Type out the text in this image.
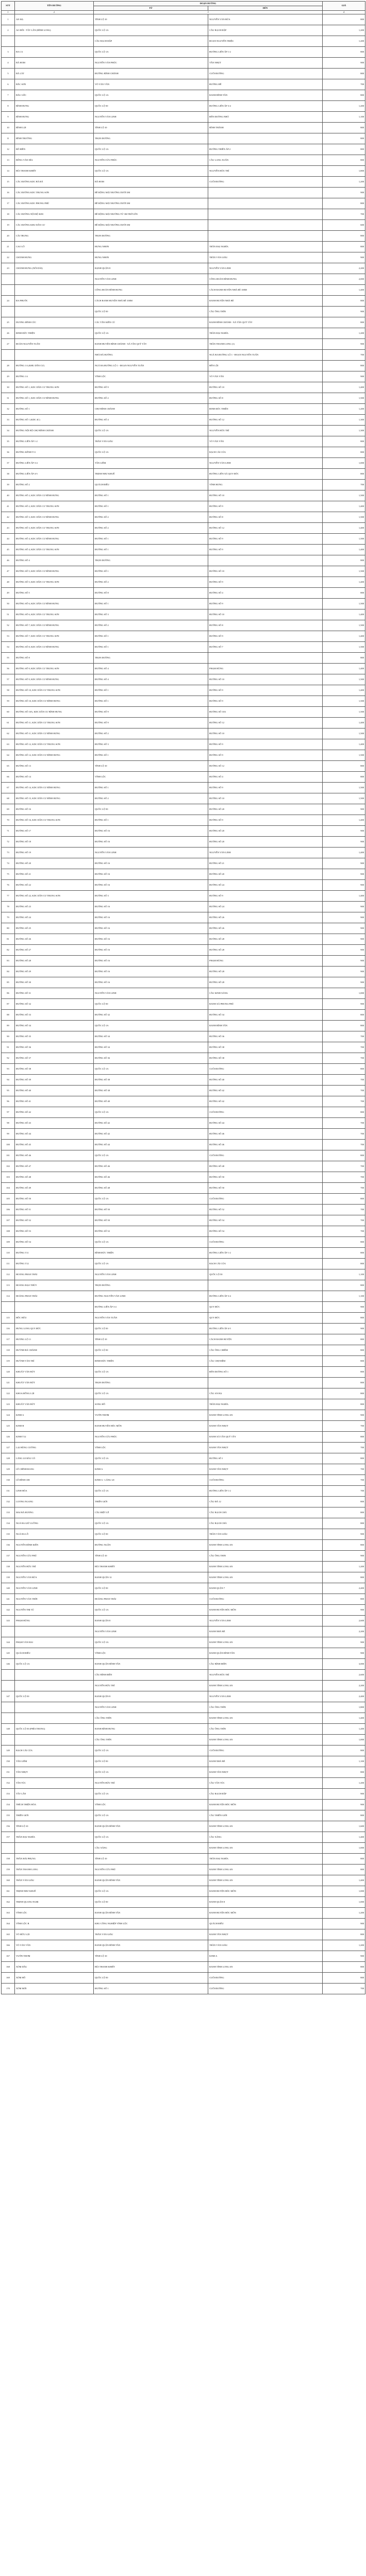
STT	TÊN ĐƯỜNG	ĐOẠN ĐƯỜNG		GIÁ
		TỪ	ĐẾN	
1	2	3		4
1	AN HẠ	TỈNH LỘ 10	NGUYỄN VĂN BỨA	800
2	AO ĐÔI - TÂY LÂN (BÌNH LONG)	QUỐC LỘ 1A	CẦU RẠCH ĐẬP	1,200
		CẦU RẠCH ĐẬP	ĐOẠN NGUYỄN TRIỆU	1,200
3	BA CA	QUỐC LỘ 1A	ĐƯỜNG LIÊN ẤP 1-2	800
4	BÀ HOM	NGUYỄN VĂN PHÚC	TÂN NHỰT	900
5	BÀ LÁT	ĐƯỜNG BÌNH CHÁNH	CUỐI ĐƯỜNG	800
6	BẮC SƠN	VÕ VĂN VÂN	ĐƯỜNG ĐÊ	700
7	BÀU GỐC	QUỐC LỘ 1A	RANH BÌNH TÂN	800
8	BÌNH HƯNG	QUỐC LỘ 50	ĐƯỜNG LIÊN ẤP 3-4	1,200
9	BÌNH HƯNG	NGUYỄN VĂN LINH	ĐẾN ĐƯỜNG NHỎ	1,100
10	BÌNH LỢI	TỈNH LỘ 10	BÌNH THÀNH	800
11	BÌNH TRƯỜNG	TRỌN ĐƯỜNG		800
12	BÔ HIỀN	QUỐC LỘ 1A	ĐƯỜNG THIÊN ẤP 2	800
13	BÔNG VĂN DĨA	NGUYỄN CỬU PHÚC	CẦU LANG XUẨN	800
14	BÙI THANH KHIẾT	QUỐC LỘ 1A	NGUYỄN HỮU TRÍ	1,800
15	CÁC ĐƯỜNG KDC BÀ ĐÁ	BÀ HOM	CUỐI ĐƯỜNG	1,200
16	CÁC ĐƯỜNG KDC TRUNG SƠN	BỀ RỘNG MẶT ĐƯỜNG DƯỚI 3M		900
17	CÁC ĐƯỜNG KDC PHONG PHÚ	BỀ RỘNG MẶT ĐƯỜNG DƯỚI 3M		800
18	CÁC ĐƯỜNG NỘI BỘ KDC	BỀ RỘNG MẶT ĐƯỜNG TỪ 3M TRỞ LÊN		700
19	CÁC ĐƯỜNG KHU DÂN CƯ	BỀ RỘNG MẶT ĐƯỜNG DƯỚI 3M		600
20	CÁI TRUNG	TRỌN ĐƯỜNG		800
21	CAO LỖ	HƯNG NHƠN	TRẦN ĐẠI NGHĨA	800
22	CHÁNH HƯNG	HƯNG NHƠN	TRẦN VĂN GIÀU	900
23	CHÁNH HƯNG (NỐI DÀI)	RẠNH QUẬN 8	NGUYỄN VĂN LINH	2,200
		NGUYỄN VĂN LINH	CÔNG ĐOÀN BÌNH HƯNG	2,000
		CÔNG ĐOÀN BÌNH HƯNG	CÁCH RANH HUYỆN NHÀ BÈ 100M	1,400
24	ĐA PHƯỚC	CÁCH RANH HUYỆN NHÀ BÈ 100M	RANH HUYỆN NHÀ BÈ	800
		QUỐC LỘ 50	CẦU ÔNG THÌN	900
25	DƯƠNG ĐÌNH CÚC	CÁC TÂN KIÊN CŨ	RANH BÌNH CHÁNH - XÃ TÂN QUÝ TÂY	800
26	ĐINH ĐỨC THIỆN	QUỐC LỘ 1A	TRẦN ĐẠI NGHĨA	1,200
27	ĐOÀN NGUYỄN TUẤN	RANH HUYỆN BÌNH CHÁNH - XÃ TÂN QUÝ TÂY	TRẦN THANH LONG (1)	900
		NHÀ BÀ HƯỜNG	NGÃ BA ĐƯỜNG LỘ 1 - ĐOẠN NGUYỄN TUẤN	700
28	ĐƯỜNG 1A (KHU DÂN CƯ)	NGÃ BA ĐƯỜNG LỘ 1 - ĐOẠN NGUYỄN TUẤN	BẾN LỘI	800
29	ĐƯỜNG 1A	VĨNH LỘC	VÕ VĂN VÂN	900
30	ĐƯỜNG SỐ 1, KDC DÂN CƯ TRUNG SƠN	ĐƯỜNG SỐ 9	ĐƯỜNG SỐ 10	1,400
31	ĐƯỜNG SỐ 1, KDC DÂN CƯ BÌNH HƯNG	ĐƯỜNG SỐ 2	ĐƯỜNG SỐ 8	1,500
32	ĐƯỜNG SỐ 1	CHỢ BÌNH CHÁNH	ĐINH ĐỨC THIỆN	1,200
33	ĐƯỜNG SỐ 1 (KDC 4C)	ĐƯỜNG SỐ 4	ĐƯỜNG SỐ 12	1,300
34	ĐƯỜNG NỘI BỘ CHỢ BÌNH CHÁNH	QUỐC LỘ 1A	NGUYỄN HỮU TRÍ	1,300
35	ĐƯỜNG LIÊN ẤP 1-2	TRẦN VĂN GIÀU	VÕ VĂN VÂN	800
36	ĐƯỜNG KÊNH T11	QUỐC LỘ 1A	RẠCH CÁI CÚA	800
37	ĐƯỜNG LIÊN ẤP 3-4	TÂN LIÊM	NGUYỄN VĂN LINH	1,000
38	ĐƯỜNG LIÊN ẤP 4-5	TRỊNH NHƯ KHUÊ	ĐƯỜNG LIÊN XÃ QUY ĐỨC	800
39	ĐƯỜNG SỐ 2	QUÁCH ĐIÊU	VĨNH HƯNG	700
40	ĐƯỜNG SỐ 2, KDC DÂN CƯ BÌNH HƯNG	ĐƯỜNG SỐ 1	ĐƯỜNG SỐ 10	1,500
41	ĐƯỜNG SỐ 2, KDC DÂN CƯ TRUNG SƠN	ĐƯỜNG SỐ 1	ĐƯỜNG SỐ 9	1,400
42	ĐƯỜNG SỐ 3, KDC DÂN CƯ BÌNH HƯNG	ĐƯỜNG SỐ 2	ĐƯỜNG SỐ 8	1,500
43	ĐƯỜNG SỐ 3, KDC DÂN CƯ TRUNG SƠN	ĐƯỜNG SỐ 2	ĐƯỜNG SỐ 12	1,400
44	ĐƯỜNG SỐ 4, KDC DÂN CƯ BÌNH HƯNG	ĐƯỜNG SỐ 1	ĐƯỜNG SỐ 9	1,500
45	ĐƯỜNG SỐ 4, KDC DÂN CƯ TRUNG SƠN	ĐƯỜNG SỐ 1	ĐƯỜNG SỐ 9	1,400
46	ĐƯỜNG SỐ 4	TRỌN ĐƯỜNG		800
47	ĐƯỜNG SỐ 5, KDC DÂN CƯ BÌNH HƯNG	ĐƯỜNG SỐ 1	ĐƯỜNG SỐ 10	1,500
48	ĐƯỜNG SỐ 5, KDC DÂN CƯ TRUNG SƠN	ĐƯỜNG SỐ 2	ĐƯỜNG SỐ 9	1,400
49	ĐƯỜNG SỐ 5	ĐƯỜNG SỐ 8	ĐƯỜNG SỐ 4	800
50	ĐƯỜNG SỐ 6, KDC DÂN CƯ BÌNH HƯNG	ĐƯỜNG SỐ 1	ĐƯỜNG SỐ 9	1,500
51	ĐƯỜNG SỐ 6, KDC DÂN CƯ TRUNG SƠN	ĐƯỜNG SỐ 3	ĐƯỜNG SỐ 10	1,400
52	ĐƯỜNG SỐ 7, KDC DÂN CƯ BÌNH HƯNG	ĐƯỜNG SỐ 2	ĐƯỜNG SỐ 8	1,500
53	ĐƯỜNG SỐ 7, KDC DÂN CƯ TRUNG SƠN	ĐƯỜNG SỐ 1	ĐƯỜNG SỐ 9	1,400
54	ĐƯỜNG SỐ 8, KDC DÂN CƯ BÌNH HƯNG	ĐƯỜNG SỐ 1	ĐƯỜNG SỐ 7	1,500
55	ĐƯỜNG SỐ 8	TRỌN ĐƯỜNG		800
56	ĐƯỜNG SỐ 9, KDC DÂN CƯ TRUNG SƠN	ĐƯỜNG SỐ 4	PHẠM HÙNG	1,400
57	ĐƯỜNG SỐ 9, KDC DÂN CƯ BÌNH HƯNG	ĐƯỜNG SỐ 4	ĐƯỜNG SỐ 10	1,500
58	ĐƯỜNG SỐ 10, KDC DÂN CƯ TRUNG SƠN	ĐƯỜNG SỐ 1	ĐƯỜNG SỐ 9	1,400
59	ĐƯỜNG SỐ 10, KDC DÂN CƯ BÌNH HƯNG	ĐƯỜNG SỐ 1	ĐƯỜNG SỐ 9	1,500
60	ĐƯỜNG SỐ 10A, KDC DÂN CƯ BÌNH HƯNG	ĐƯỜNG SỐ 9	ĐƯỜNG SỐ 10A	1,500
61	ĐƯỜNG SỐ 11, KDC DÂN CƯ TRUNG SƠN	ĐƯỜNG SỐ 9	ĐƯỜNG SỐ 12	1,400
62	ĐƯỜNG SỐ 11, KDC DÂN CƯ BÌNH HƯNG	ĐƯỜNG SỐ 2	ĐƯỜNG SỐ 10	1,500
63	ĐƯỜNG SỐ 12, KDC DÂN CƯ TRUNG SƠN	ĐƯỜNG SỐ 3	ĐƯỜNG SỐ 9	1,400
64	ĐƯỜNG SỐ 12, KDC DÂN CƯ BÌNH HƯNG	ĐƯỜNG SỐ 1	ĐƯỜNG SỐ 9	1,500
65	ĐƯỜNG SỐ 13	TỈNH LỘ 10	ĐƯỜNG SỐ 12	800
66	ĐƯỜNG SỐ 14	VĨNH LỘC	ĐƯỜNG SỐ 4	800
67	ĐƯỜNG SỐ 14, KDC DÂN CƯ BÌNH HƯNG	ĐƯỜNG SỐ 1	ĐƯỜNG SỐ 9	1,500
68	ĐƯỜNG SỐ 15, KDC DÂN CƯ BÌNH HƯNG	ĐƯỜNG SỐ 2	ĐƯỜNG SỐ 10	1,500
69	ĐƯỜNG SỐ 16	QUỐC LỘ 50	ĐƯỜNG SỐ 20	900
70	ĐƯỜNG SỐ 16, KDC DÂN CƯ TRUNG SƠN	ĐƯỜNG SỐ 1	ĐƯỜNG SỐ 9	1,400
71	ĐƯỜNG SỐ 17	ĐƯỜNG SỐ 16	ĐƯỜNG SỐ 20	900
72	ĐƯỜNG SỐ 18	ĐƯỜNG SỐ 16	ĐƯỜNG SỐ 20	900
73	ĐƯỜNG SỐ 19	NGUYỄN VĂN LINH	NGUYỄN VĂN LINH	1,400
74	ĐƯỜNG SỐ 20	ĐƯỜNG SỐ 16	ĐƯỜNG SỐ 21	900
75	ĐƯỜNG SỐ 21	ĐƯỜNG SỐ 16	ĐƯỜNG SỐ 20	900
76	ĐƯỜNG SỐ 22	ĐƯỜNG SỐ 16	ĐƯỜNG SỐ 24	900
77	ĐƯỜNG SỐ 22, KDC DÂN CƯ TRUNG SƠN	ĐƯỜNG SỐ 3	ĐƯỜNG SỐ 9	1,400
78	ĐƯỜNG SỐ 23	ĐƯỜNG SỐ 16	ĐƯỜNG SỐ 24	900
79	ĐƯỜNG SỐ 24	ĐƯỜNG SỐ 16	ĐƯỜNG SỐ 26	900
80	ĐƯỜNG SỐ 25	ĐƯỜNG SỐ 16	ĐƯỜNG SỐ 26	900
81	ĐƯỜNG SỐ 26	ĐƯỜNG SỐ 16	ĐƯỜNG SỐ 28	900
82	ĐƯỜNG SỐ 27	ĐƯỜNG SỐ 16	ĐƯỜNG SỐ 28	900
83	ĐƯỜNG SỐ 28	ĐƯỜNG SỐ 16	PHẠM HÙNG	900
84	ĐƯỜNG SỐ 29	ĐƯỜNG SỐ 16	ĐƯỜNG SỐ 28	900
85	ĐƯỜNG SỐ 30	ĐƯỜNG SỐ 16	ĐƯỜNG SỐ 28	900
86	ĐƯỜNG SỐ 31	NGUYỄN VĂN LINH	CẦU KINH XÁNG	1,000
87	ĐƯỜNG SỐ 32	QUỐC LỘ 50	RANH XÃ PHONG PHÚ	900
88	ĐƯỜNG SỐ 33	ĐƯỜNG SỐ 32	ĐƯỜNG SỐ 34	800
89	ĐƯỜNG SỐ 34	QUỐC LỘ 1A	RANH BÌNH TÂN	800
90	ĐƯỜNG SỐ 35	ĐƯỜNG SỐ 34	ĐƯỜNG SỐ 36	700
91	ĐƯỜNG SỐ 36	ĐƯỜNG SỐ 34	ĐƯỜNG SỐ 38	700
92	ĐƯỜNG SỐ 37	ĐƯỜNG SỐ 36	ĐƯỜNG SỐ 38	700
93	ĐƯỜNG SỐ 38	QUỐC LỘ 1A	CUỐI ĐƯỜNG	800
94	ĐƯỜNG SỐ 39	ĐƯỜNG SỐ 38	ĐƯỜNG SỐ 40	700
95	ĐƯỜNG SỐ 40	ĐƯỜNG SỐ 38	ĐƯỜNG SỐ 42	700
96	ĐƯỜNG SỐ 41	ĐƯỜNG SỐ 40	ĐƯỜNG SỐ 42	700
97	ĐƯỜNG SỐ 42	QUỐC LỘ 1A	CUỐI ĐƯỜNG	800
98	ĐƯỜNG SỐ 43	ĐƯỜNG SỐ 42	ĐƯỜNG SỐ 44	700
99	ĐƯỜNG SỐ 44	ĐƯỜNG SỐ 42	ĐƯỜNG SỐ 46	700
100	ĐƯỜNG SỐ 45	ĐƯỜNG SỐ 44	ĐƯỜNG SỐ 46	700
101	ĐƯỜNG SỐ 46	QUỐC LỘ 1A	CUỐI ĐƯỜNG	800
102	ĐƯỜNG SỐ 47	ĐƯỜNG SỐ 46	ĐƯỜNG SỐ 48	700
103	ĐƯỜNG SỐ 48	ĐƯỜNG SỐ 46	ĐƯỜNG SỐ 50	700
104	ĐƯỜNG SỐ 49	ĐƯỜNG SỐ 48	ĐƯỜNG SỐ 50	700
105	ĐƯỜNG SỐ 50	QUỐC LỘ 1A	CUỐI ĐƯỜNG	800
106	ĐƯỜNG SỐ 51	ĐƯỜNG SỐ 50	ĐƯỜNG SỐ 52	700
107	ĐƯỜNG SỐ 52	ĐƯỜNG SỐ 50	ĐƯỜNG SỐ 54	700
108	ĐƯỜNG SỐ 53	ĐƯỜNG SỐ 52	ĐƯỜNG SỐ 54	700
109	ĐƯỜNG SỐ 54	QUỐC LỘ 1A	CUỐI ĐƯỜNG	800
110	ĐƯỜNG T11	BÌNH ĐỨC THIỆN	ĐƯỜNG LIÊN ẤP 1-2	800
111	ĐƯỜNG T12	QUỐC LỘ 1A	RẠCH CÁI CÚA	800
112	HOÀNG PHAN THÁI	NGUYỄN VĂN LINH	QUỐC LỘ 50	1,100
113	HOÀNG ĐẠO THÚY	TRỌN ĐƯỜNG		800
114	HOÀNG PHAN THÁI	ĐƯỜNG NGUYỄN VĂN LINH	ĐƯỜNG LIÊN ẤP 3-4	1,100
		ĐƯỜNG LIÊN ẤP 3-4	QUY ĐỨC	900
115	HỐC HỮU	NGUYỄN VĂN TUẦN	QUY ĐỨC	800
116	HƯNG LONG QUY ĐỨC	QUỐC LỘ 50	ĐƯỜNG LIÊN ẤP 4-5	900
117	HƯƠNG LỘ 11	TỈNH LỘ 10	CÁCH RANH HUYỆN	800
118	HUỲNH BÁ CHÁNH	QUỐC LỘ 50	CẦU ÔNG CHIÊM	800
119	HUỲNH VĂN TRÍ	ĐINH ĐỨC THIỆN	CẦU CHỢ ĐỆM	800
120	KHUẤT VĂN BỨT	QUỐC LỘ 1A	ĐẾN ĐƯỜNG SỐ 1	800
121	KHUẤT VĂN BỨT	TRỌN ĐƯỜNG		800
122	KHOA ĐỒNG LỢI	QUỐC LỘ 1A	CẦU AN HẠ	800
123	KHUẤT VĂN BỨT	SONG HỒ	TRẦN ĐẠI NGHĨA	800
124	KINH A	VƯỜN THƠM	RANH TỈNH LONG AN	900
125	KINH B	RANH HUYỆN HÓC MÔN	RANH TÂN NHỰT	700
126	KINH T12	NGUYỄN CỬU PHÚC	RANH XÃ TÂN QUÝ TÂY	800
127	LẠI HÙNG CƯỜNG	VĨNH LỘC	RANH TÂN NHỰT	700
128	LÁNG LE BÀU CÒ	QUỐC LỘ 1A	ĐƯỜNG SỐ 1	800
129	LÊ CHÍNH ĐANG	KINH A	RANH TÂN NHỰT	700
130	LÊ ĐÌNH CHI	KINH A - LÁNG LE	CUỐI ĐƯỜNG	700
131	LINH HÒA	QUỐC LỘ 1A	ĐƯỜNG LIÊN ẤP 1-2	700
132	LƯƠNG NGANG	THIÊN GIỚI	CẦU ĐÀ 12	800
133	MAI BÁ HƯƠNG	CẦU ĐIỆT LÊ	CẦU RẠCH CHÀ	800
134	NGÃ BA GIỮ LUỒNG	QUỐC LỘ 1A	CẦU RẠCH CHÀ	800
135	NGÃ BA LỒ	QUỐC LỘ 50	TRẦN VĂN GIÀU	900
136	NGUYỄN ĐÌNH KIÊN	ĐƯỜNG NGÂN	RANH TỈNH LONG AN	800
137	NGUYỄN CỬU PHÚ	TỈNH LỘ 10	CẦU ÔNG THIN	900
138	NGUYỄN HỮU TRÍ	BÙI THANH KHIẾT	RANH TỈNH LONG AN	1,200
139	NGUYỄN VĂN BỨA	RANH QUẬN 12	RANH TỈNH LONG AN	800
140	NGUYỄN VĂN LINH	QUỐC LỘ 50	RANH QUẬN 7	2,400
141	NGUYỄN VĂN THỜI	HOÀNG PHAN THÁI	CUỐI ĐƯỜNG	800
142	NGUYỄN THỊ TÚ	QUỐC LỘ 1A	RANH HUYỆN HÓC MÔN	900
143	PHẠM HÙNG	RANH QUẬN 8	NGUYỄN VĂN LINH	2,600
		NGUYỄN VĂN LINH	RANH NHÀ BÈ	2,200
144	PHẠM VĂN HAI	QUỐC LỘ 1A	RANH TỈNH LONG AN	900
145	QUÁCH ĐIÊU	VĨNH LỘC	RANH QUẬN BÌNH TÂN	900
146	QUỐC LỘ 1A	RANH QUẬN BÌNH TÂN	CẦU BÌNH ĐIỀN	3,000
		CẦU BÌNH ĐIỀN	NGUYỄN HỮU TRÍ	2,600
		NGUYỄN HỮU TRÍ	RANH TỈNH LONG AN	2,200
147	QUỐC LỘ 50	RANH QUẬN 8	NGUYỄN VĂN LINH	2,400
		NGUYỄN VĂN LINH	CẦU ÔNG THÌN	1,800
		CẦU ÔNG THÌN	RANH TỈNH LONG AN	1,400
148	QUỐC LỘ 50 (PHÍA TRONG)	RANH BÌNH HƯNG	CẦU ÔNG THÌN	1,200
		CẦU ÔNG THÌN	RANH TỈNH LONG AN	1,000
149	RẠCH CÁI CÚA	QUỐC LỘ 1A	CUỐI ĐƯỜNG	800
150	TÂN LIÊM	QUỐC LỘ 50	RANH NHÀ BÈ	1,100
151	TÂN NHỰT	QUỐC LỘ 1A	RANH TÂN NHỰT	800
152	TÂN TÚC	NGUYỄN HỮU TRÍ	CẦU TÂN TÚC	1,200
153	TÂY LÂN	QUỐC LỘ 1A	CẦU RẠCH ĐẬP	900
154	THÍCH THIỆN HÒA	VĨNH LỘC	RANH HUYỆN HÓC MÔN	900
155	THIÊN GIỚI	QUỐC LỘ 1A	CẦU THIÊN GIỚI	800
156	TỈNH LỘ 10	RANH QUẬN BÌNH TÂN	RANH TỈNH LONG AN	1,600
157	TRẦN ĐẠI NGHĨA	QUỐC LỘ 1A	CẦU XÁNG	1,400
		CẦU XÁNG	RANH TỈNH LONG AN	1,000
158	TRẦN HẢI PHỤNG	TỈNH LỘ 10	TRẦN ĐẠI NGHĨA	800
159	TRẦN THANH LONG	NGUYỄN CỬU PHÚ	RANH TỈNH LONG AN	800
160	TRẦN VĂN GIÀU	RANH QUẬN BÌNH TÂN	RANH TỈNH LONG AN	1,400
161	TRỊNH NHƯ KHUÊ	QUỐC LỘ 1A	RANH HUYỆN HÓC MÔN	1,000
162	TRỊNH QUANG NGHỊ	QUỐC LỘ 50	RANH QUẬN 8	1,000
163	VĨNH LỘC	RANH QUẬN BÌNH TÂN	RANH HUYỆN HÓC MÔN	1,200
164	VĨNH LỘC B	KHU CÔNG NGHIỆP VĨNH LỘC	QUÁCH ĐIÊU	900
165	VÕ HỮU LỢI	TRẦN VĂN GIÀU	RANH TÂN NHỰT	800
166	VÕ VĂN VÂN	RANH QUẬN BÌNH TÂN	TRẦN VĂN GIÀU	1,200
167	VƯỜN THƠM	TỈNH LỘ 10	KINH A	900
168	XÓM DẦU	BÙI THANH KHIẾT	RANH TỈNH LONG AN	800
169	XÓM HỐ	QUỐC LỘ 50	CUỐI ĐƯỜNG	800
170	XÓM MỚI	ĐƯỜNG SỐ 1	CUỐI ĐƯỜNG	700
